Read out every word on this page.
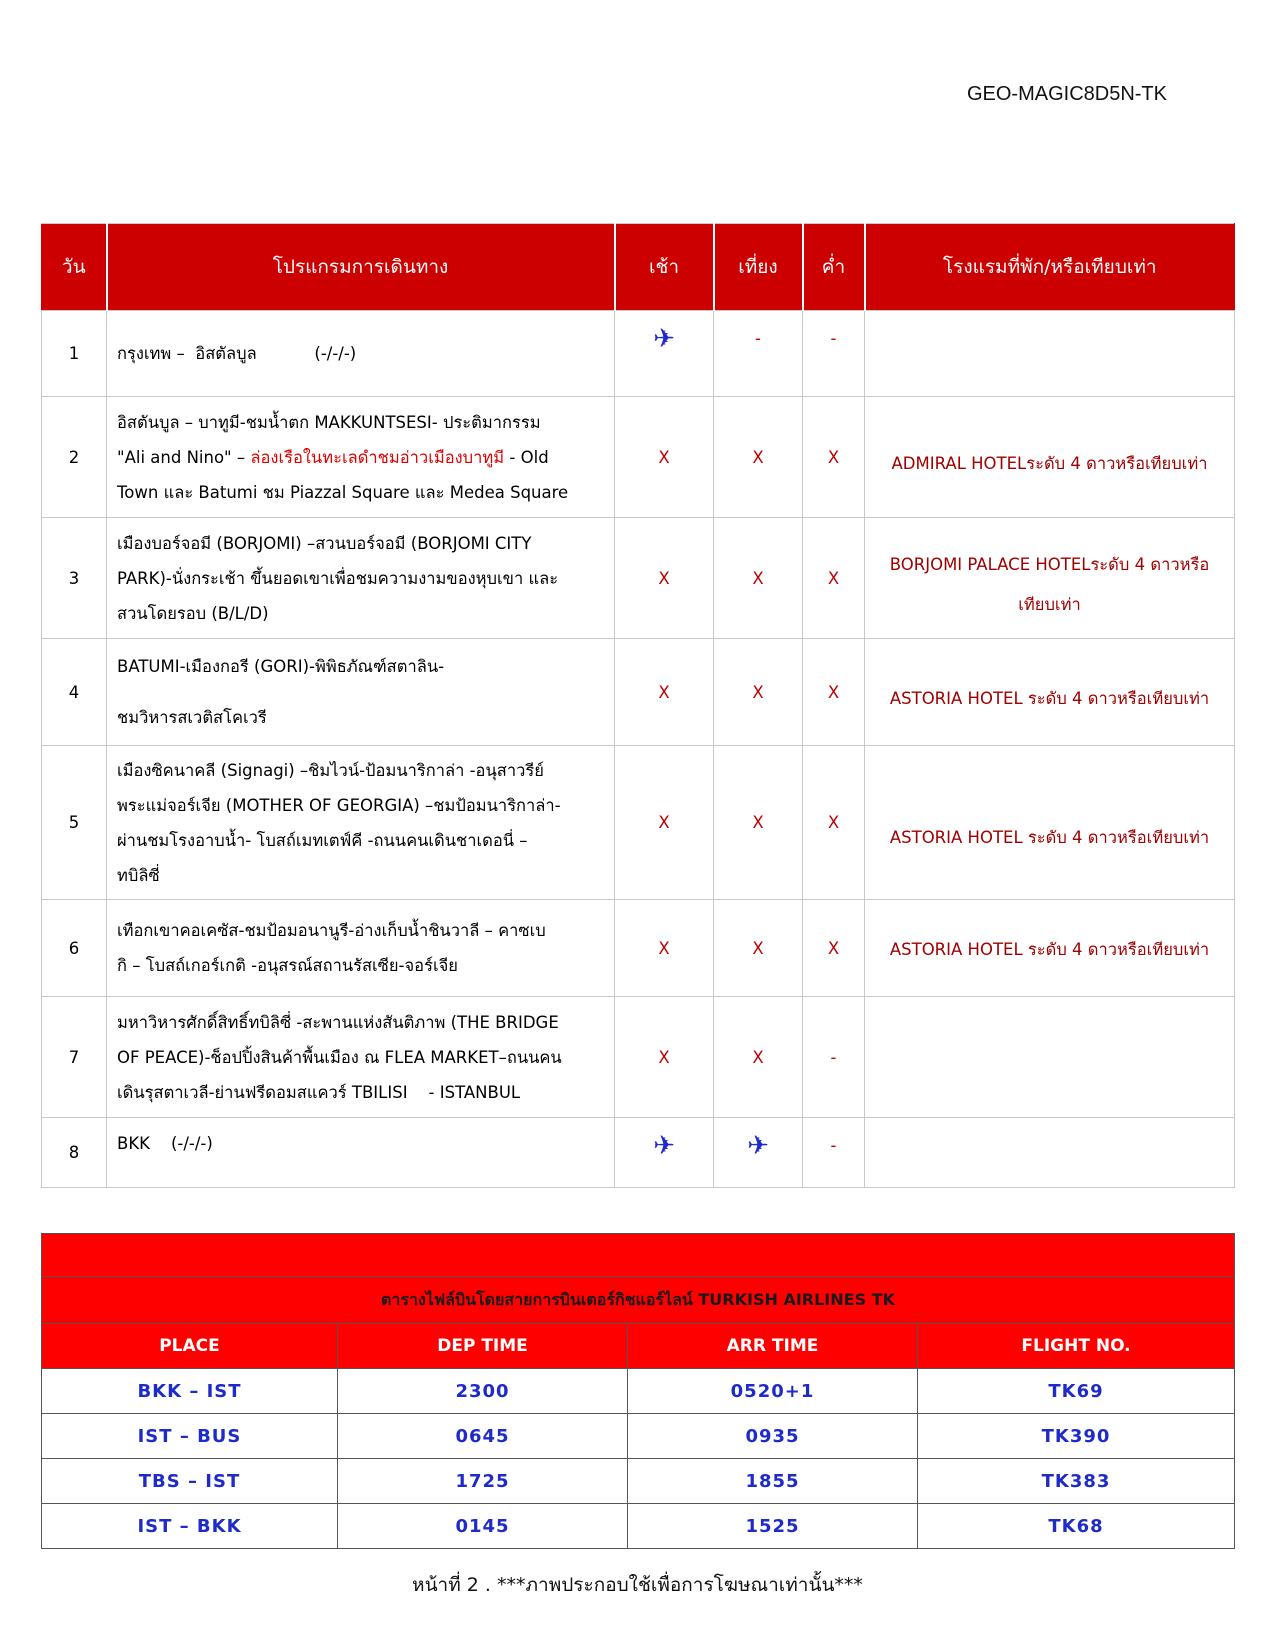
GEO-MAGIC8D5N-TK
วัน	โปรแกรมการเดินทาง	เช้า	เที่ยง	ค่ำ	โรงแรมที่พัก/หรือเทียบเท่า
1	กรุงเทพ –  อิสตัลบูล           (-/-/-)	✈	-	-	
2	อิสตันบูล – บาทูมี-ชมน้ำตก MAKKUNTSESI- ประติมากรรม
"Ali and Nino" – ล่องเรือในทะเลดำชมอ่าวเมืองบาทูมี - Old
Town และ Batumi ชม Piazzal Square และ Medea Square	X	X	X	ADMIRAL HOTELระดับ 4 ดาวหรือเทียบเท่า
3	เมืองบอร์จอมี (BORJOMI) –สวนบอร์จอมี (BORJOMI CITY
PARK)-นั่งกระเช้า ขึ้นยอดเขาเพื่อชมความงามของหุบเขา และ
สวนโดยรอบ (B/L/D)	X	X	X	BORJOMI PALACE HOTELระดับ 4 ดาวหรือเทียบเท่า
4	BATUMI-เมืองกอรี (GORI)-พิพิธภัณฑ์สตาลิน-
ชมวิหารสเวติสโคเวรี	X	X	X	ASTORIA HOTEL ระดับ 4 ดาวหรือเทียบเท่า
5	เมืองซิคนาคลี (Signagi) –ชิมไวน์-ป้อมนาริกาล่า -อนุสาวรีย์
พระแม่จอร์เจีย (MOTHER OF GEORGIA) –ชมป้อมนาริกาล่า-
ผ่านชมโรงอาบน้ำ- โบสถ์เมทเตฟ์คี -ถนนคนเดินชาเดอนี่ –
ทบิลิซี่	X	X	X	ASTORIA HOTEL ระดับ 4 ดาวหรือเทียบเท่า
6	เทือกเขาคอเคซัส-ชมป้อมอนานูรี-อ่างเก็บน้ำชินวาลี – คาซเบ
กิ – โบสถ์เกอร์เกติ -อนุสรณ์สถานรัสเซีย-จอร์เจีย	X	X	X	ASTORIA HOTEL ระดับ 4 ดาวหรือเทียบเท่า
7	มหาวิหารศักดิ์สิทธิ์ทบิลิซี่ -สะพานแห่งสันติภาพ (THE BRIDGE
OF PEACE)-ช็อปปิ้งสินค้าพื้นเมือง ณ FLEA MARKET–ถนนคน
เดินรุสตาเวลี-ย่านฟรีดอมสแควร์ TBILISI    - ISTANBUL	X	X	-	
8	BKK    (-/-/-)	✈	✈	-	

ตารางไฟล์บินโดยสายการบินเตอร์กิชแอร์ไลน์ TURKISH AIRLINES TK			
PLACE	DEP TIME	ARR TIME	FLIGHT NO.
BKK – IST	2300	0520+1	TK69
IST – BUS	0645	0935	TK390
TBS – IST	1725	1855	TK383
IST – BKK	0145	1525	TK68
หน้าที่ 2 . ***ภาพประกอบใช้เพื่อการโฆษณาเท่านั้น***
